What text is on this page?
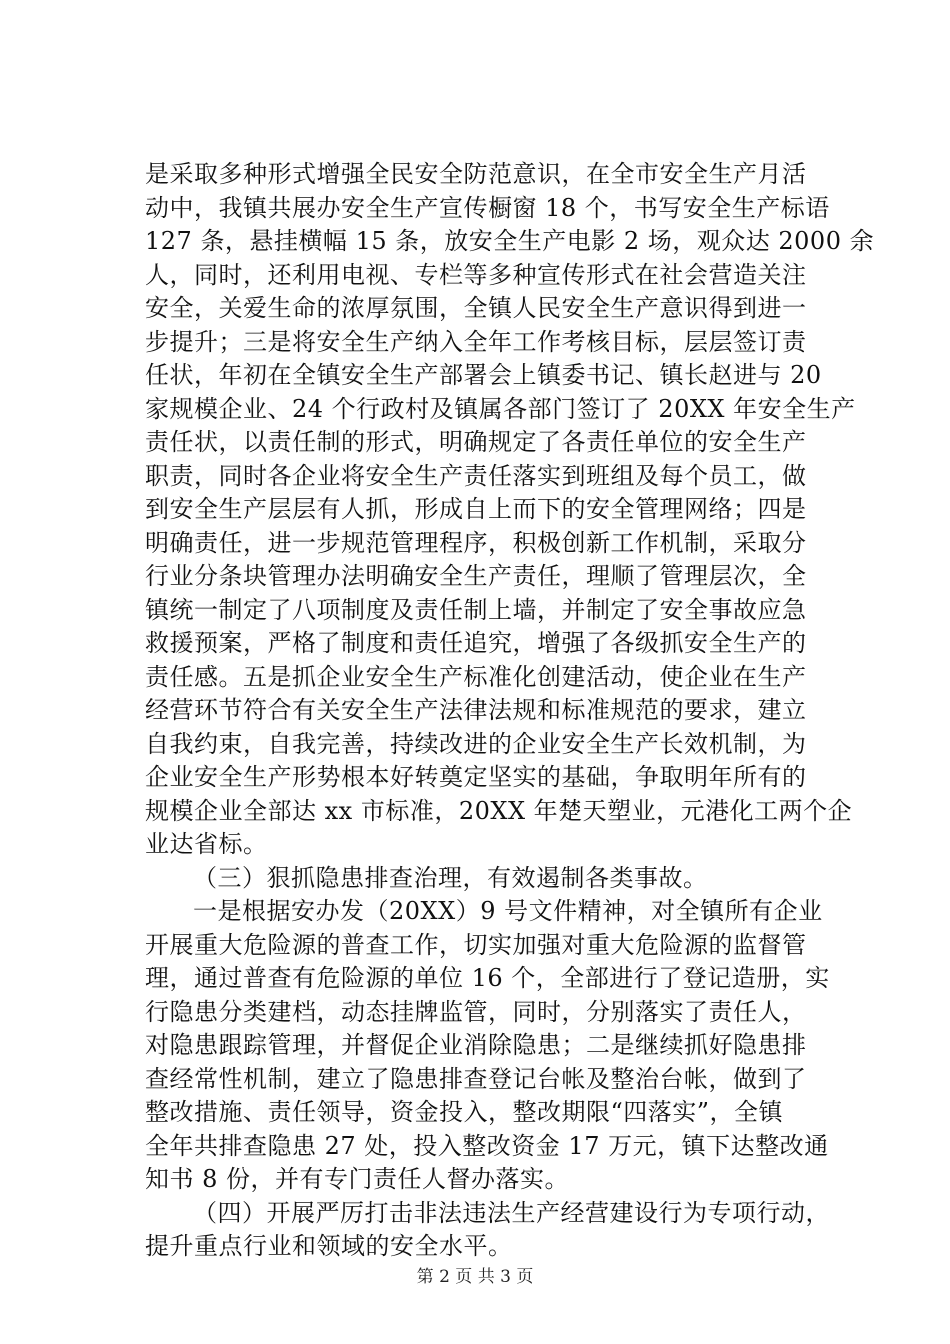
是采取多种形式增强全民安全防范意识，在全市安全生产月活
动中，我镇共展办安全生产宣传橱窗 18 个，书写安全生产标语
127 条，悬挂横幅 15 条，放安全生产电影 2 场，观众达 2000 余
人，同时，还利用电视、专栏等多种宣传形式在社会营造关注
安全，关爱生命的浓厚氛围，全镇人民安全生产意识得到进一
步提升；三是将安全生产纳入全年工作考核目标，层层签订责
任状，年初在全镇安全生产部署会上镇委书记、镇长赵进与 20
家规模企业、24 个行政村及镇属各部门签订了 20XX 年安全生产
责任状，以责任制的形式，明确规定了各责任单位的安全生产
职责，同时各企业将安全生产责任落实到班组及每个员工，做
到安全生产层层有人抓，形成自上而下的安全管理网络；四是
明确责任，进一步规范管理程序，积极创新工作机制，采取分
行业分条块管理办法明确安全生产责任，理顺了管理层次，全
镇统一制定了八项制度及责任制上墙，并制定了安全事故应急
救援预案，严格了制度和责任追究，增强了各级抓安全生产的
责任感。五是抓企业安全生产标准化创建活动，使企业在生产
经营环节符合有关安全生产法律法规和标准规范的要求，建立
自我约束，自我完善，持续改进的企业安全生产长效机制，为
企业安全生产形势根本好转奠定坚实的基础，争取明年所有的
规模企业全部达 xx 市标准，20XX 年楚天塑业，元港化工两个企
业达省标。
（三）狠抓隐患排查治理，有效遏制各类事故。
一是根据安办发（20XX）9 号文件精神，对全镇所有企业
开展重大危险源的普查工作，切实加强对重大危险源的监督管
理，通过普查有危险源的单位 16 个，全部进行了登记造册，实
行隐患分类建档，动态挂牌监管，同时，分别落实了责任人，
对隐患跟踪管理，并督促企业消除隐患；二是继续抓好隐患排
查经常性机制，建立了隐患排查登记台帐及整治台帐，做到了
整改措施、责任领导，资金投入，整改期限“四落实”，全镇
全年共排查隐患 27 处，投入整改资金 17 万元，镇下达整改通
知书 8 份，并有专门责任人督办落实。
（四）开展严厉打击非法违法生产经营建设行为专项行动，
提升重点行业和领域的安全水平。
第 2 页 共 3 页
